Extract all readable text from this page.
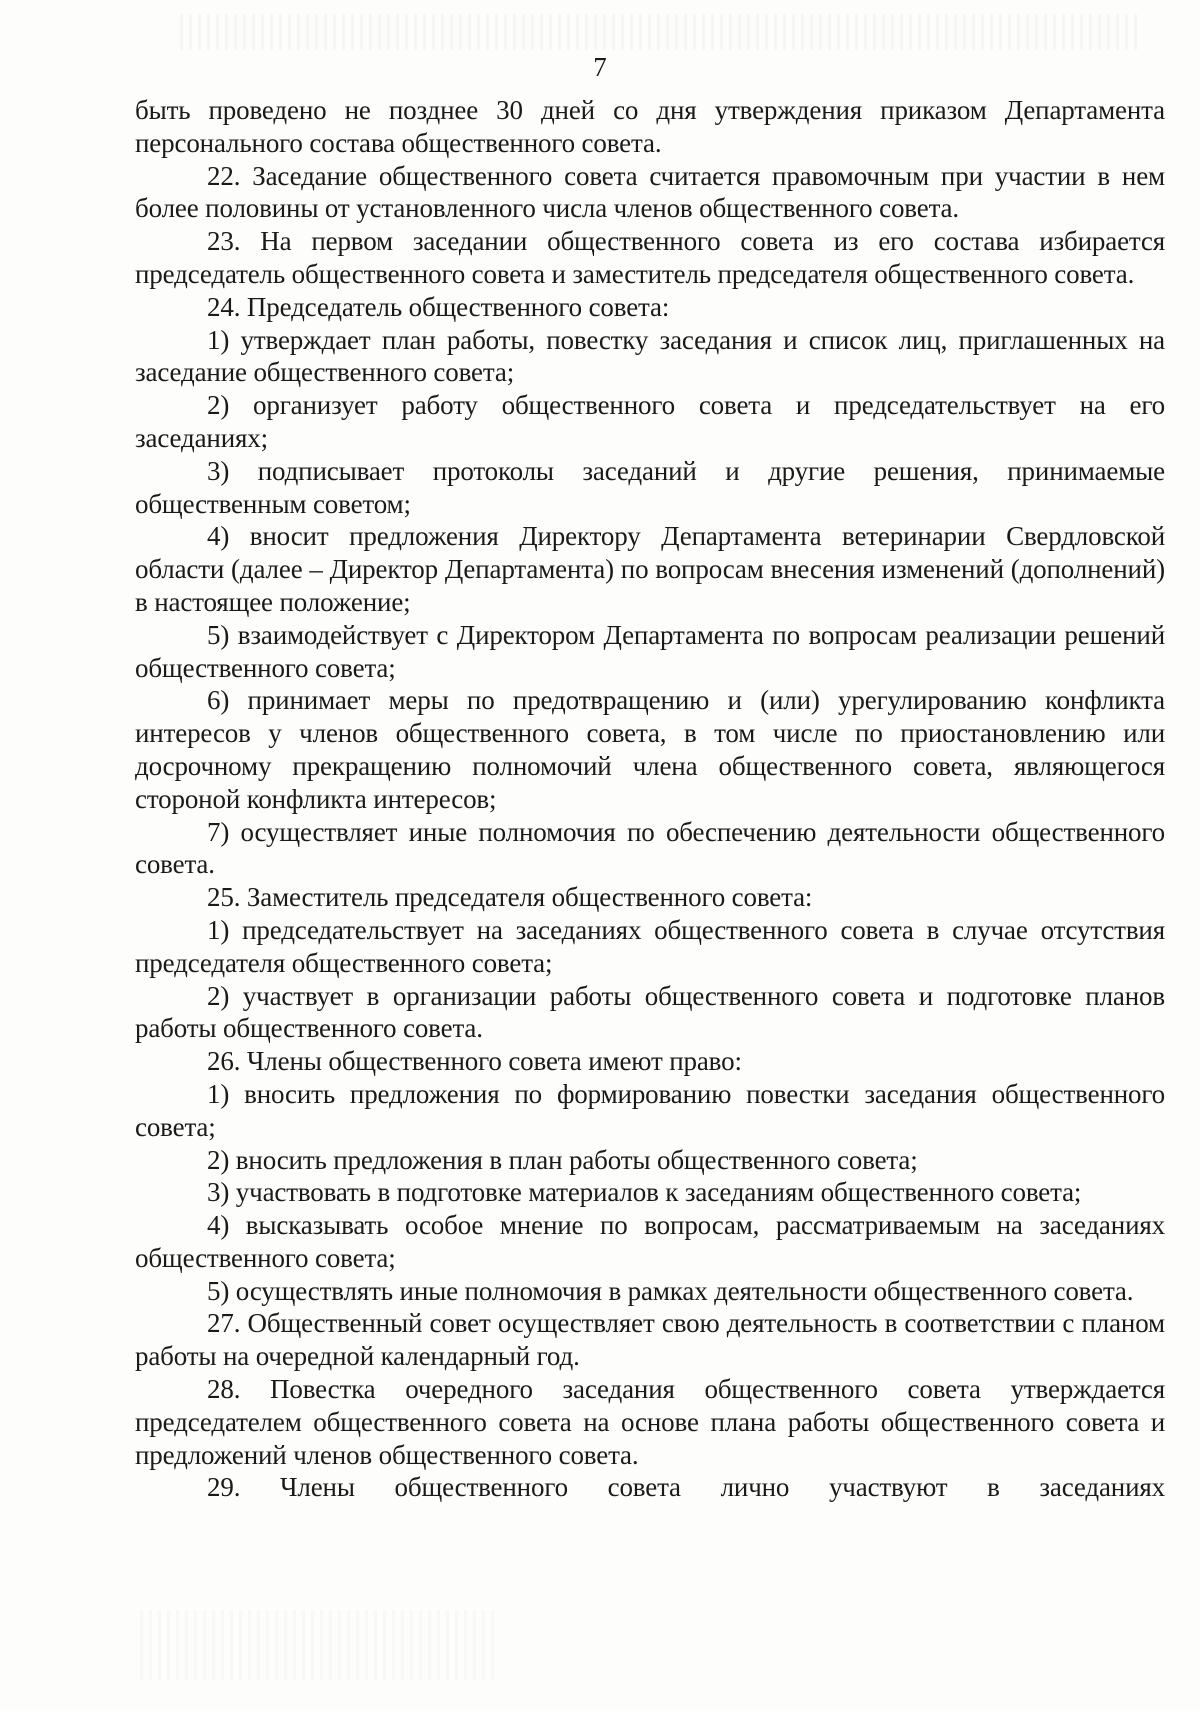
7

быть проведено не позднее 30 дней со дня утверждения приказом Департамента персонального состава общественного совета.

22. Заседание общественного совета считается правомочным при участии в нем более половины от установленного числа членов общественного совета.

23. На первом заседании общественного совета из его состава избирается председатель общественного совета и заместитель председателя общественного совета.

24. Председатель общественного совета:

1) утверждает план работы, повестку заседания и список лиц, приглашенных на заседание общественного совета;

2) организует работу общественного совета и председательствует на его заседаниях;

3) подписывает протоколы заседаний и другие решения, принимаемые общественным советом;

4) вносит предложения Директору Департамента ветеринарии Свердловской области (далее – Директор Департамента) по вопросам внесения изменений (дополнений) в настоящее положение;

5) взаимодействует с Директором Департамента по вопросам реализации решений общественного совета;

6) принимает меры по предотвращению и (или) урегулированию конфликта интересов у членов общественного совета, в том числе по приостановлению или досрочному прекращению полномочий члена общественного совета, являющегося стороной конфликта интересов;

7) осуществляет иные полномочия по обеспечению деятельности общественного совета.

25. Заместитель председателя общественного совета:

1) председательствует на заседаниях общественного совета в случае отсутствия председателя общественного совета;

2) участвует в организации работы общественного совета и подготовке планов работы общественного совета.

26. Члены общественного совета имеют право:

1) вносить предложения по формированию повестки заседания общественного совета;

2) вносить предложения в план работы общественного совета;

3) участвовать в подготовке материалов к заседаниям общественного совета;

4) высказывать особое мнение по вопросам, рассматриваемым на заседаниях общественного совета;

5) осуществлять иные полномочия в рамках деятельности общественного совета.

27. Общественный совет осуществляет свою деятельность в соответствии с планом работы на очередной календарный год.

28. Повестка очередного заседания общественного совета утверждается председателем общественного совета на основе плана работы общественного совета и предложений членов общественного совета.

29. Члены общественного совета лично участвуют в заседаниях
